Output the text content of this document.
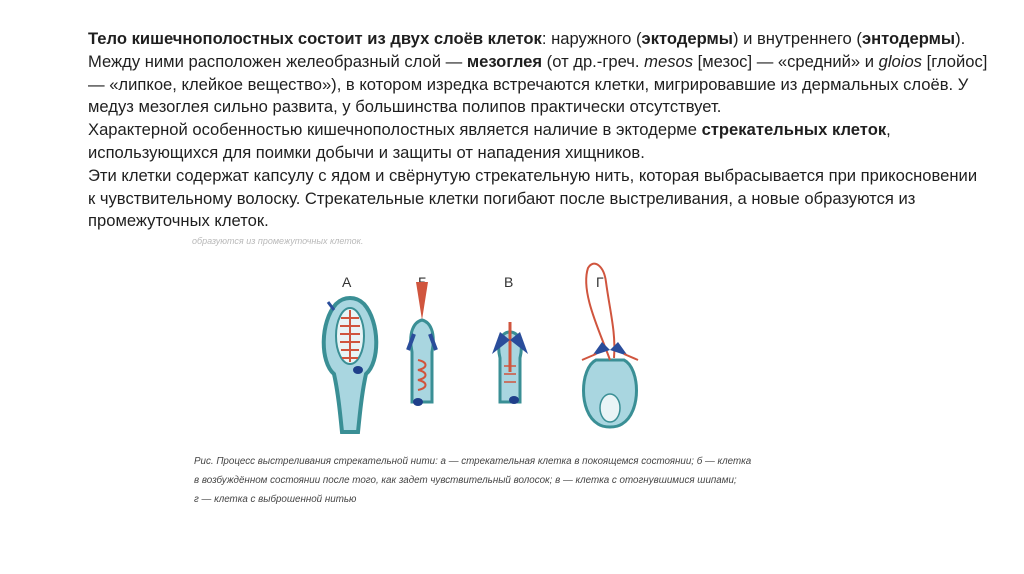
Тело кишечнополостных состоит из двух слоёв клеток: наружного (эктодермы) и внутреннего (энтодермы). Между ними расположен желеобразный слой — мезоглея (от др.-греч. mesos [мезос] — «средний» и glоios [глойос] — «липкое, клейкое вещество»), в котором изредка встречаются клетки, мигрировавшие из дермальных слоёв. У медуз мезоглея сильно развита, у большинства полипов практически отсутствует.

Характерной особенностью кишечнополостных является наличие в эктодерме стрекательных клеток, использующихся для поимки добычи и защиты от нападения хищников.

Эти клетки содержат капсулу с ядом и свёрнутую стрекательную нить, которая выбрасывается при прикосновении к чувствительному волоску. Стрекательные клетки погибают после выстреливания, а новые образуются из промежуточных клеток.

образуются из промежуточных клеток.
А	В	Г

Рис. Процесс выстреливания стрекательной нити: а — стрекательная клетка в покоящемся состоянии; б — клетка

в возбуждённом состоянии после того, как задет чувствительный волосок; в — клетка с отогнувшимися шипами;

г — клетка с выброшенной нитью
